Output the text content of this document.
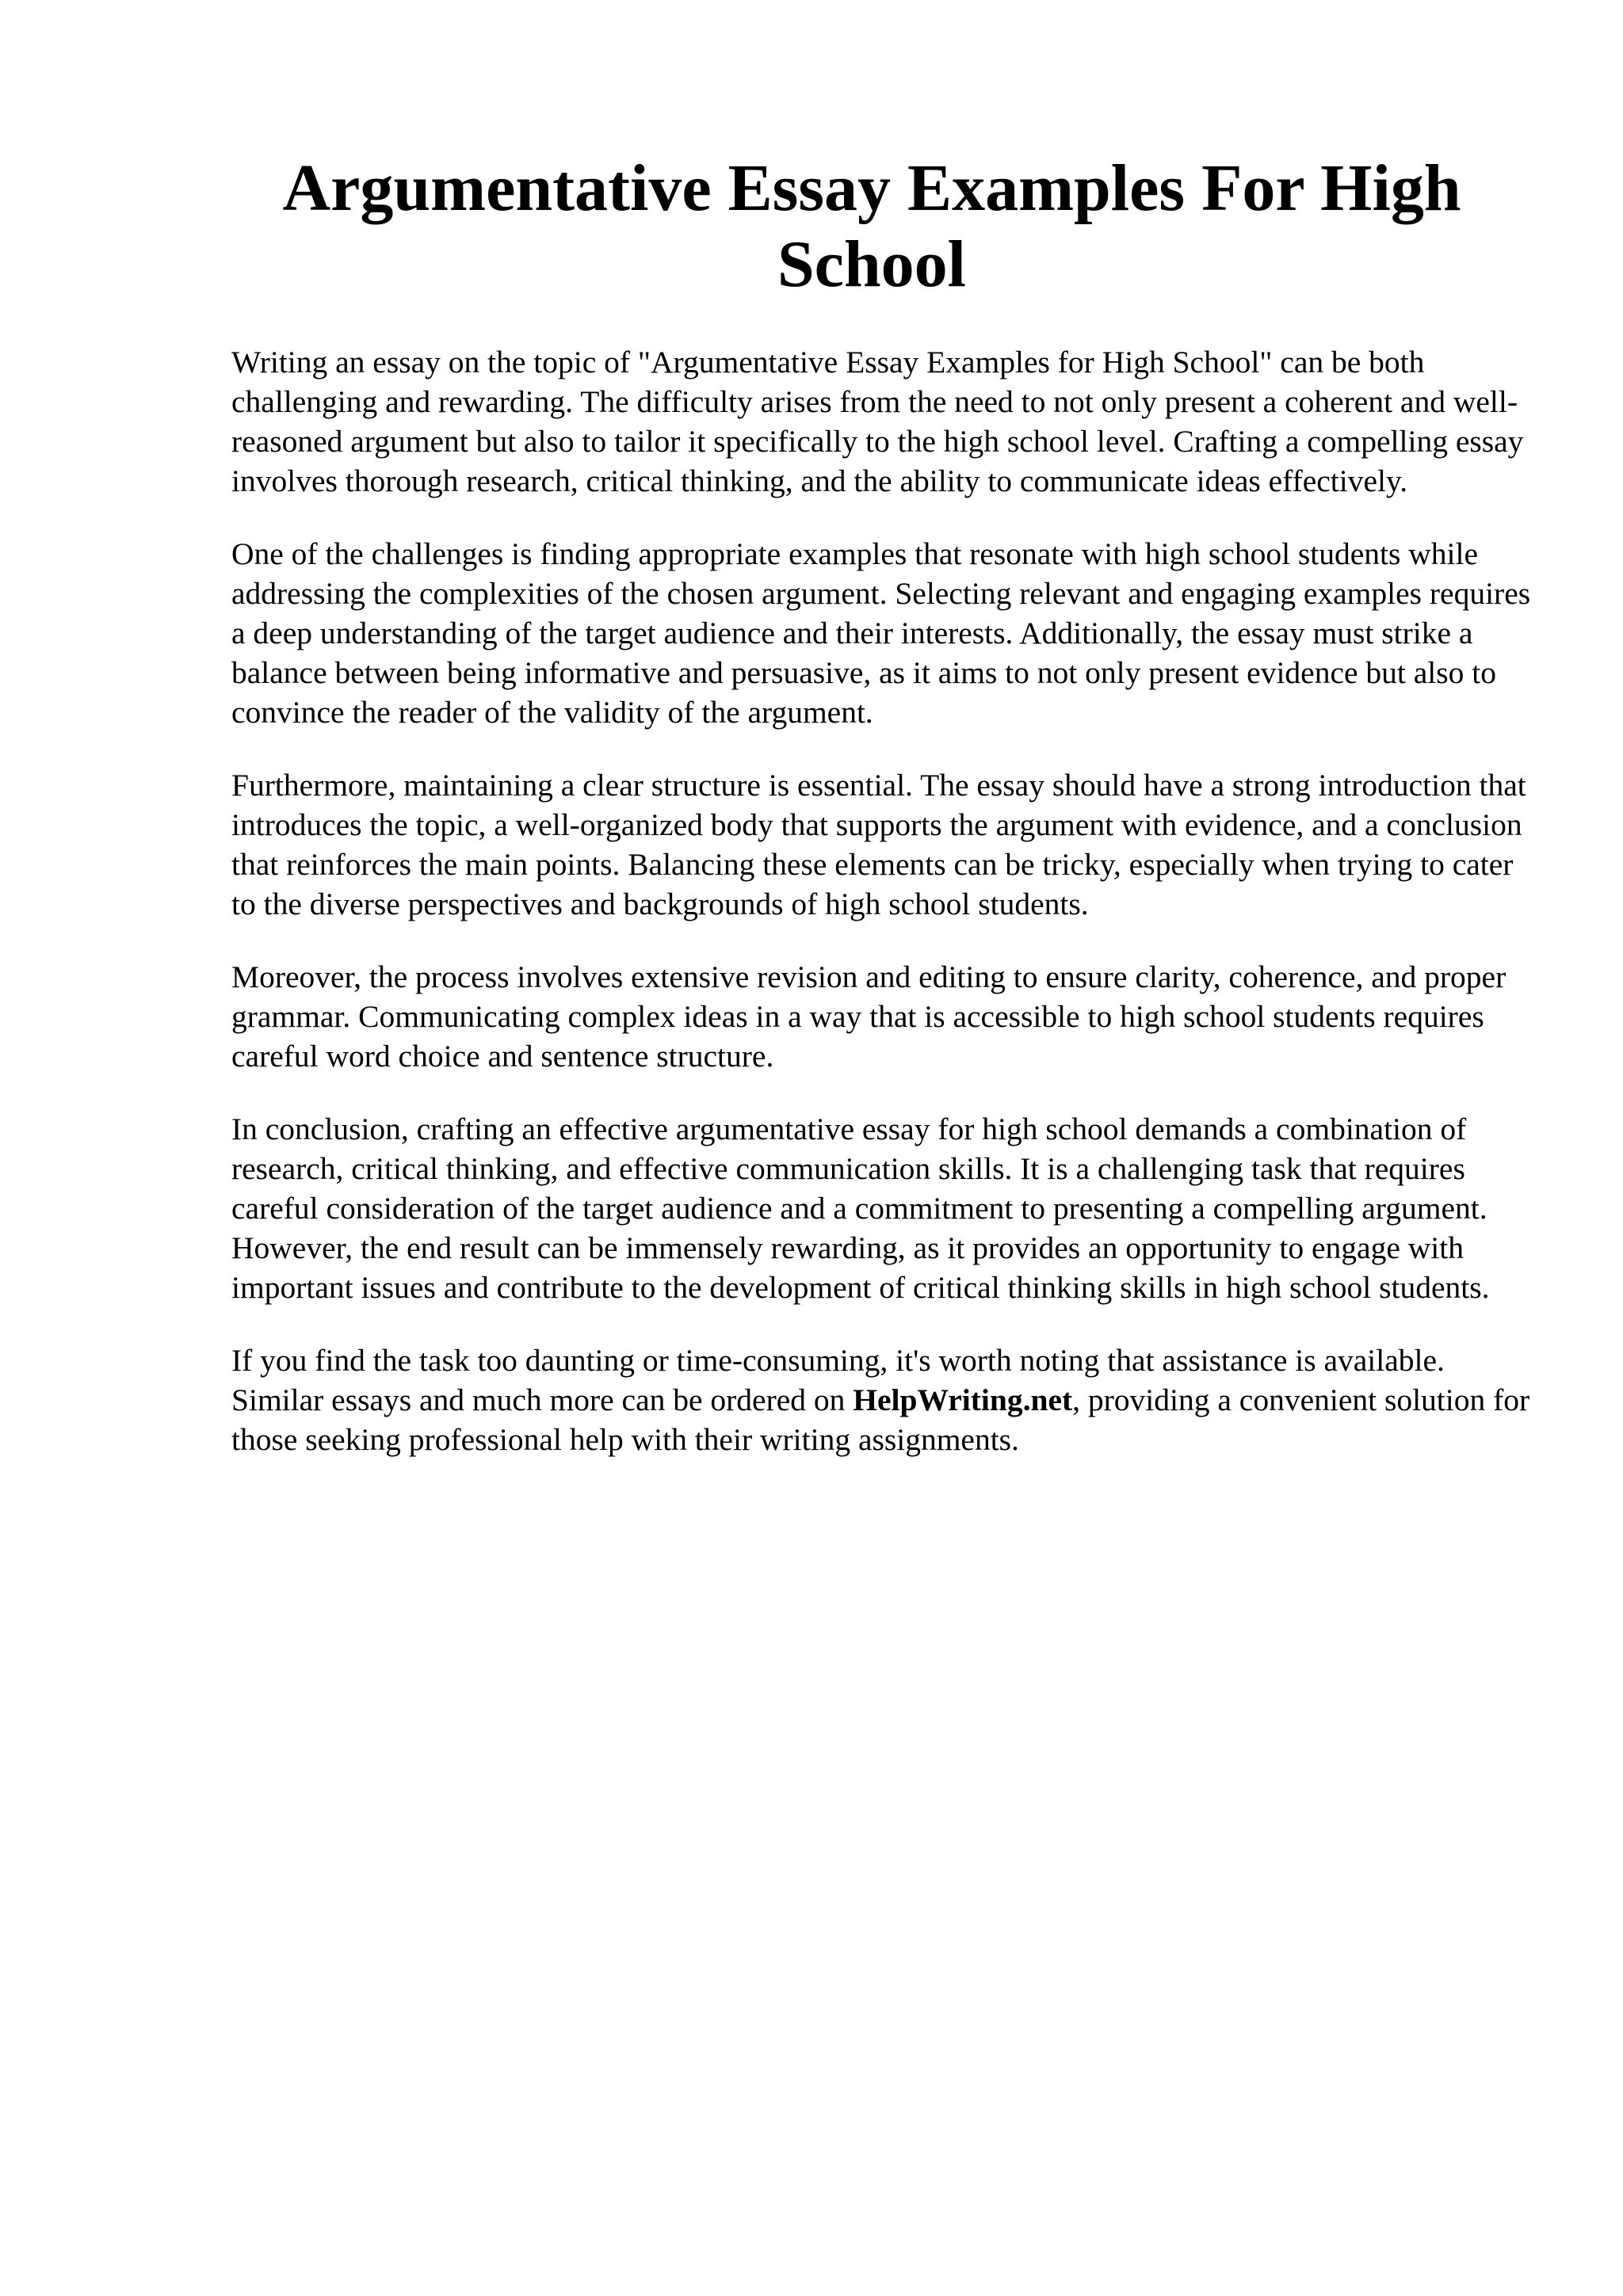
Argumentative Essay Examples For High School

Writing an essay on the topic of "Argumentative Essay Examples for High School" can be both challenging and rewarding. The difficulty arises from the need to not only present a coherent and well-reasoned argument but also to tailor it specifically to the high school level. Crafting a compelling essay involves thorough research, critical thinking, and the ability to communicate ideas effectively.

One of the challenges is finding appropriate examples that resonate with high school students while addressing the complexities of the chosen argument. Selecting relevant and engaging examples requires a deep understanding of the target audience and their interests. Additionally, the essay must strike a balance between being informative and persuasive, as it aims to not only present evidence but also to convince the reader of the validity of the argument.

Furthermore, maintaining a clear structure is essential. The essay should have a strong introduction that introduces the topic, a well-organized body that supports the argument with evidence, and a conclusion that reinforces the main points. Balancing these elements can be tricky, especially when trying to cater to the diverse perspectives and backgrounds of high school students.

Moreover, the process involves extensive revision and editing to ensure clarity, coherence, and proper grammar. Communicating complex ideas in a way that is accessible to high school students requires careful word choice and sentence structure.

In conclusion, crafting an effective argumentative essay for high school demands a combination of research, critical thinking, and effective communication skills. It is a challenging task that requires careful consideration of the target audience and a commitment to presenting a compelling argument. However, the end result can be immensely rewarding, as it provides an opportunity to engage with important issues and contribute to the development of critical thinking skills in high school students.

If you find the task too daunting or time-consuming, it's worth noting that assistance is available. Similar essays and much more can be ordered on HelpWriting.net, providing a convenient solution for those seeking professional help with their writing assignments.
